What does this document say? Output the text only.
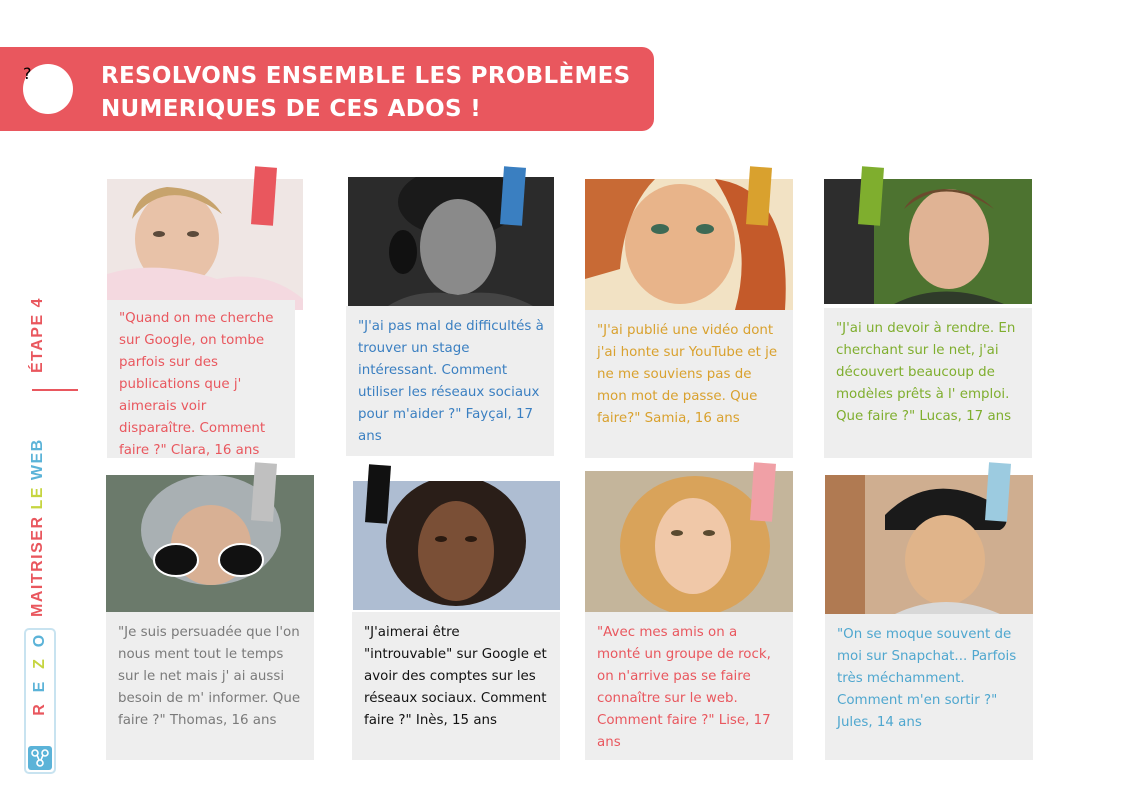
?	RESOLVONS ENSEMBLE LES PROBLÈMES NUMERIQUES DE CES ADOS !
ÉTAPE 4
MAITRISER LE WEB
O
Z
E
R
"Quand on me cherche sur Google, on tombe parfois sur des publications que j' aimerais voir disparaître. Comment faire ?" Clara, 16 ans
"J'ai pas mal de difficultés à trouver un stage intéressant. Comment utiliser les réseaux sociaux pour m'aider ?" Fayçal, 17 ans
"J'ai publié une vidéo dont j'ai honte sur YouTube et je ne me souviens pas de mon mot de passe. Que faire?" Samia, 16 ans
"J'ai un devoir à rendre. En cherchant sur le net, j'ai découvert beaucoup de modèles prêts à l' emploi. Que faire ?" Lucas, 17 ans
"Je suis persuadée que l'on nous ment tout le temps sur le net mais j' ai aussi besoin de m' informer. Que faire ?" Thomas, 16 ans
"J'aimerai être "introuvable" sur Google et avoir des comptes sur les réseaux sociaux. Comment faire ?" Inès, 15 ans
"Avec mes amis on a monté un groupe de rock, on n'arrive pas se faire connaître sur le web. Comment faire ?" Lise, 17 ans
"On se moque souvent de moi sur Snapchat... Parfois très méchamment. Comment m'en sortir ?" Jules, 14 ans
